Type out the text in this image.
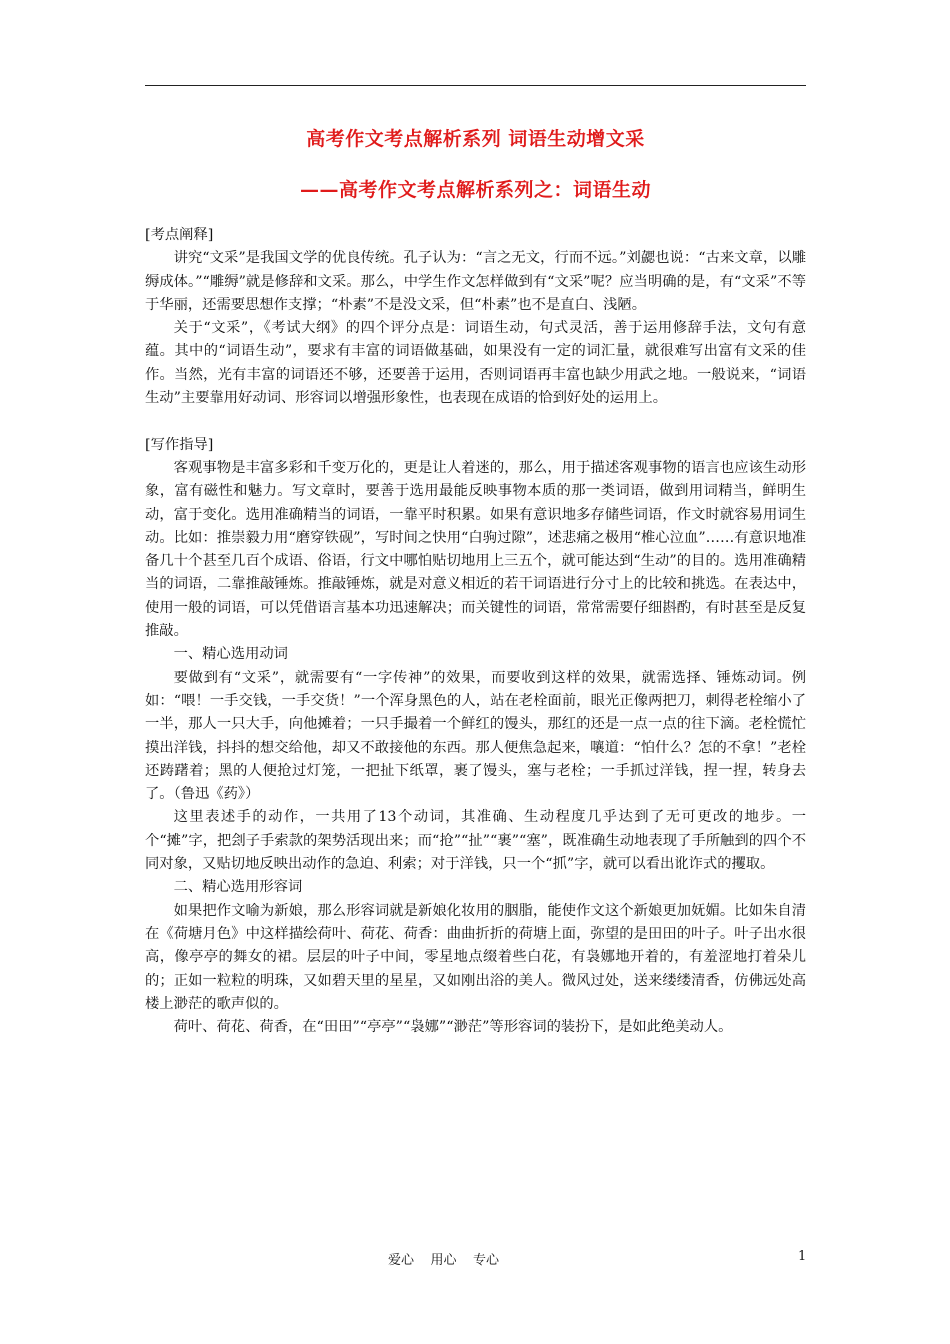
高考作文考点解析系列 词语生动增文采
——高考作文考点解析系列之：词语生动

[考点阐释]

讲究“文采”是我国文学的优良传统。孔子认为：“言之无文，行而不远。”刘勰也说：“古来文章，以雕缛成体。”“雕缛”就是修辞和文采。那么，中学生作文怎样做到有“文采”呢？应当明确的是，有“文采”不等于华丽，还需要思想作支撑；“朴素”不是没文采，但“朴素”也不是直白、浅陋。

关于“文采”，《考试大纲》的四个评分点是：词语生动，句式灵活，善于运用修辞手法，文句有意蕴。其中的“词语生动”，要求有丰富的词语做基础，如果没有一定的词汇量，就很难写出富有文采的佳作。当然，光有丰富的词语还不够，还要善于运用，否则词语再丰富也缺少用武之地。一般说来，“词语生动”主要靠用好动词、形容词以增强形象性，也表现在成语的恰到好处的运用上。

[写作指导]

客观事物是丰富多彩和千变万化的，更是让人着迷的，那么，用于描述客观事物的语言也应该生动形象，富有磁性和魅力。写文章时，要善于选用最能反映事物本质的那一类词语，做到用词精当，鲜明生动，富于变化。选用准确精当的词语，一靠平时积累。如果有意识地多存储些词语，作文时就容易用词生动。比如：推崇毅力用“磨穿铁砚”，写时间之快用“白驹过隙”，述悲痛之极用“椎心泣血”……有意识地准备几十个甚至几百个成语、俗语，行文中哪怕贴切地用上三五个，就可能达到“生动”的目的。选用准确精当的词语，二靠推敲锤炼。推敲锤炼，就是对意义相近的若干词语进行分寸上的比较和挑选。在表达中，使用一般的词语，可以凭借语言基本功迅速解决；而关键性的词语，常常需要仔细斟酌，有时甚至是反复推敲。

一、精心选用动词

要做到有“文采”，就需要有“一字传神”的效果，而要收到这样的效果，就需选择、锤炼动词。例如：“喂！一手交钱，一手交货！”一个浑身黑色的人，站在老栓面前，眼光正像两把刀，刺得老栓缩小了一半，那人一只大手，向他摊着；一只手撮着一个鲜红的馒头，那红的还是一点一点的往下滴。老栓慌忙摸出洋钱，抖抖的想交给他，却又不敢接他的东西。那人便焦急起来，嚷道：“怕什么？怎的不拿！”老栓还踌躇着；黑的人便抢过灯笼，一把扯下纸罩，裹了馒头，塞与老栓；一手抓过洋钱，捏一捏，转身去了。（鲁迅《药》）

这里表述手的动作，一共用了13个动词，其准确、生动程度几乎达到了无可更改的地步。一个“摊”字，把刽子手索款的架势活现出来；而“抢”“扯”“裹”“塞”，既准确生动地表现了手所触到的四个不同对象，又贴切地反映出动作的急迫、利索；对于洋钱，只一个“抓”字，就可以看出讹诈式的攫取。

二、精心选用形容词

如果把作文喻为新娘，那么形容词就是新娘化妆用的胭脂，能使作文这个新娘更加妩媚。比如朱自清在《荷塘月色》中这样描绘荷叶、荷花、荷香：曲曲折折的荷塘上面，弥望的是田田的叶子。叶子出水很高，像亭亭的舞女的裙。层层的叶子中间，零星地点缀着些白花，有袅娜地开着的，有羞涩地打着朵儿的；正如一粒粒的明珠，又如碧天里的星星，又如刚出浴的美人。微风过处，送来缕缕清香，仿佛远处高楼上渺茫的歌声似的。

荷叶、荷花、荷香，在“田田”“亭亭”“袅娜”“渺茫”等形容词的装扮下，是如此绝美动人。

爱心    用心    专心	1
